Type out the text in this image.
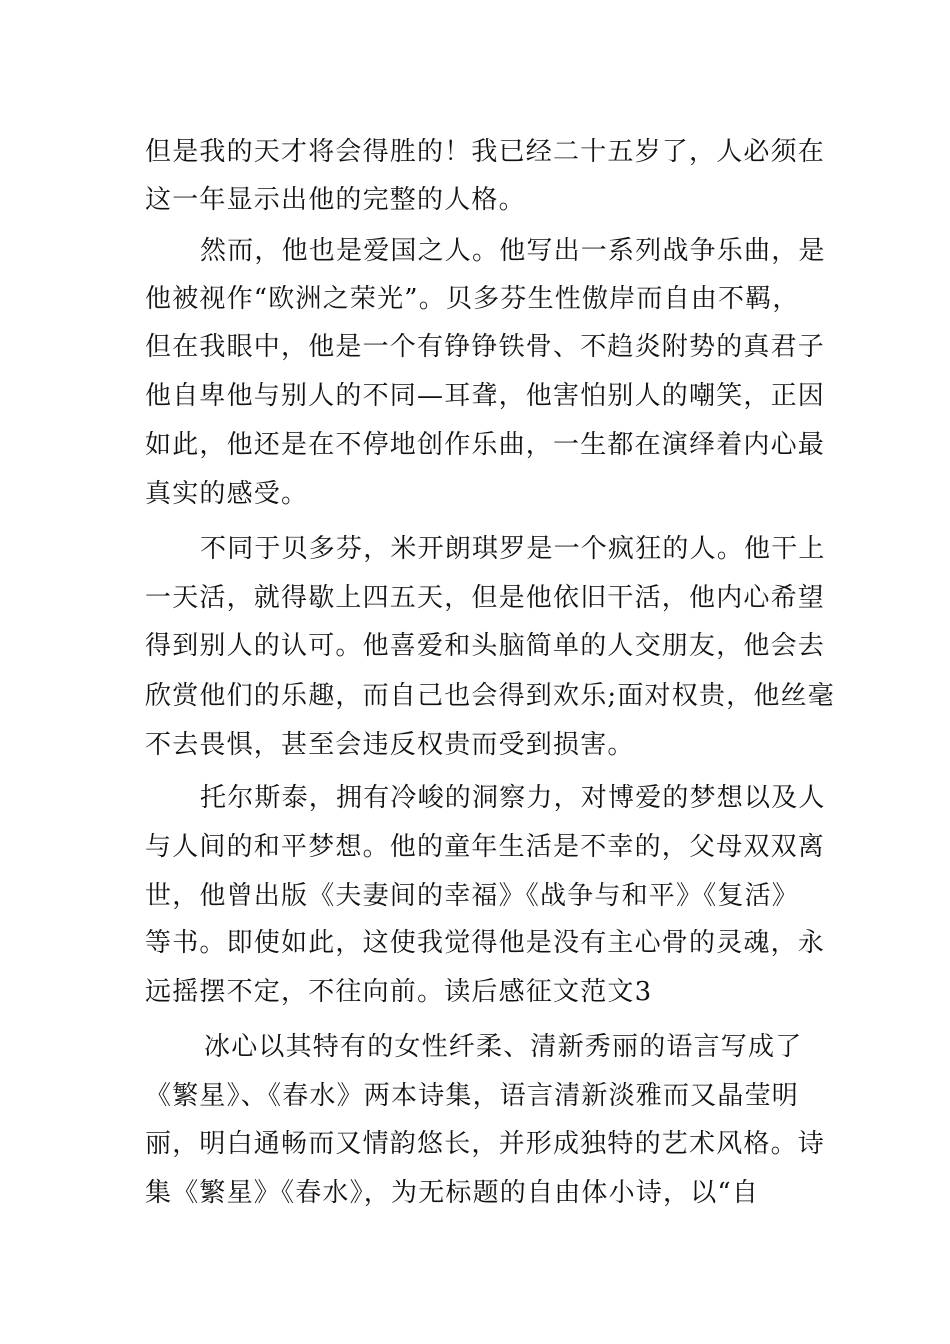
但是我的天才将会得胜的！我已经二十五岁了，人必须在
这一年显示出他的完整的人格。
然而，他也是爱国之人。他写出一系列战争乐曲，是
他被视作“欧洲之荣光”。贝多芬生性傲岸而自由不羁，
但在我眼中，他是一个有铮铮铁骨、不趋炎附势的真君子
他自卑他与别人的不同—耳聋，他害怕别人的嘲笑，正因
如此，他还是在不停地创作乐曲，一生都在演绎着内心最
真实的感受。
不同于贝多芬，米开朗琪罗是一个疯狂的人。他干上
一天活，就得歇上四五天，但是他依旧干活，他内心希望
得到别人的认可。他喜爱和头脑简单的人交朋友，他会去
欣赏他们的乐趣，而自己也会得到欢乐;面对权贵，他丝毫
不去畏惧，甚至会违反权贵而受到损害。
托尔斯泰，拥有冷峻的洞察力，对博爱的梦想以及人
与人间的和平梦想。他的童年生活是不幸的，父母双双离
世，他曾出版《夫妻间的幸福》《战争与和平》《复活》
等书。即使如此，这使我觉得他是没有主心骨的灵魂，永
远摇摆不定，不往向前。读后感征文范文3
冰心以其特有的女性纤柔、清新秀丽的语言写成了
《繁星》、《春水》两本诗集，语言清新淡雅而又晶莹明
丽，明白通畅而又情韵悠长，并形成独特的艺术风格。诗
集《繁星》《春水》，为无标题的自由体小诗，以“自
